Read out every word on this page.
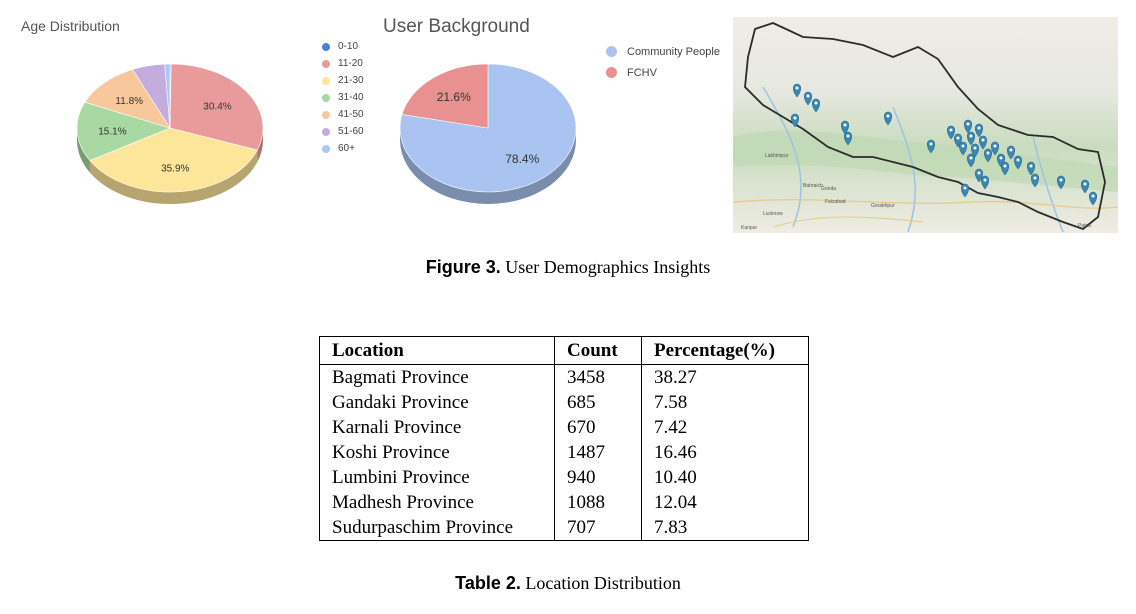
Age Distribution
30.4%
35.9%
15.1%
11.8%
0-10
11-20
21-30
31-40
41-50
51-60
60+
User Background
78.4%
21.6%
Community People
FCHV
Lakhimpur
Lucknow
Kanpur
Gorakhpur
Faizabad
Bahraich
Gonda
Patna
Figure 3. User Demographics Insights
Location	Count	Percentage(%)
Bagmati Province	3458	38.27
Gandaki Province	685	7.58
Karnali Province	670	7.42
Koshi Province	1487	16.46
Lumbini Province	940	10.40
Madhesh Province	1088	12.04
Sudurpaschim Province	707	7.83
Table 2. Location Distribution
